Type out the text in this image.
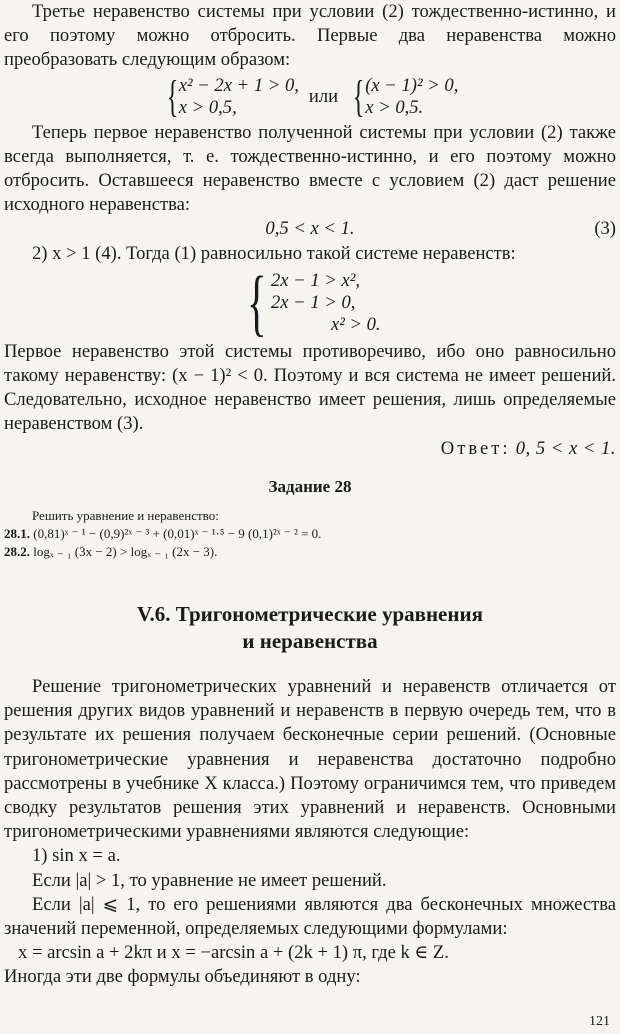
Третье неравенство системы при условии (2) тождественно-истинно, и его поэтому можно отбросить. Первые два неравенства можно преобразовать следующим образом:

{ x² − 2x + 1 > 0,
x > 0,5,
или { (x − 1)² > 0,
x > 0,5.

Теперь первое неравенство полученной системы при условии (2) также всегда выполняется, т. е. тождественно-истинно, и его поэтому можно отбросить. Оставшееся неравенство вместе с условием (2) даст решение исходного неравенства:

0,5 < x < 1.	(3)

2) x > 1 (4). Тогда (1) равносильно такой системе неравенств:

{ 2x − 1 > x²,
2x − 1 > 0,
x² > 0.

Первое неравенство этой системы противоречиво, ибо оно равносильно такому неравенству: (x − 1)² < 0. Поэтому и вся система не имеет решений. Следовательно, исходное неравенство имеет решения, лишь определяемые неравенством (3).

Ответ: 0, 5 < x < 1.

Задание 28

Решить уравнение и неравенство:

28.1. (0,81)ˣ ⁻ ¹ − (0,9)²ˣ ⁻ ³ + (0,01)ˣ ⁻ ¹·⁵ − 9 (0,1)²ˣ ⁻ ² = 0.

28.2. logₓ ₋ ₁ (3x − 2) > logₓ ₋ ₁ (2x − 3).

V.6. Тригонометрические уравнения
и неравенства

Решение тригонометрических уравнений и неравенств отличается от решения других видов уравнений и неравенств в первую очередь тем, что в результате их решения получаем бесконечные серии решений. (Основные тригонометрические уравнения и неравенства достаточно подробно рассмотрены в учебнике X класса.) Поэтому ограничимся тем, что приведем сводку результатов решения этих уравнений и неравенств. Основными тригонометрическими уравнениями являются следующие:

1) sin x = a.

Если |a| > 1, то уравнение не имеет решений.

Если |a| ⩽ 1, то его решениями являются два бесконечных множества значений переменной, определяемых следующими формулами:

x = arcsin a + 2kπ и x = −arcsin a + (2k + 1) π, где k ∈ Z.

Иногда эти две формулы объединяют в одну:

121
